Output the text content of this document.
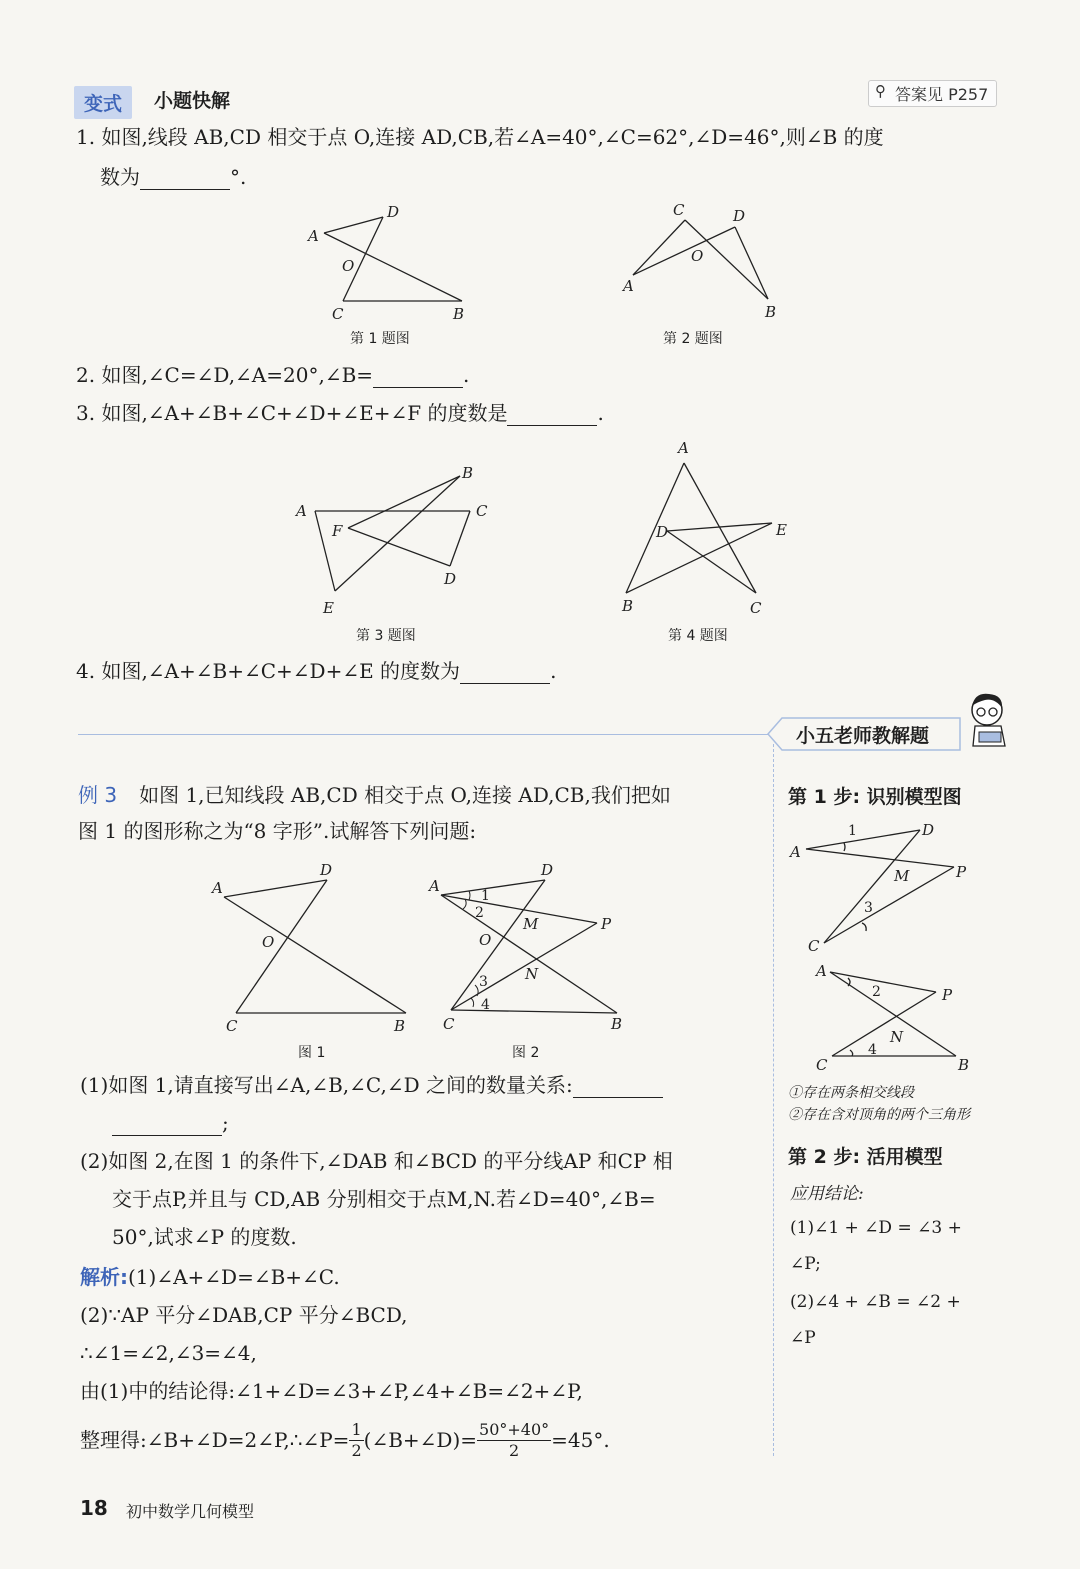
变式	小题快解	⚲ 答案见 P257
1. 如图,线段 AB,CD 相交于点 O,连接 AD,CB,若∠A=40°,∠C=62°,∠D=46°,则∠B 的度
数为	°.
A
D
O
C	B
第 1 题图
C	D
O
A
B
第 2 题图
2. 如图,∠C=∠D,∠A=20°,∠B=	.
3. 如图,∠A+∠B+∠C+∠D+∠E+∠F 的度数是	.
A
B
C
F
D
E
第 3 题图
A
D	E
B	C
第 4 题图
4. 如图,∠A+∠B+∠C+∠D+∠E 的度数为	.
小五老师教解题
例 3 如图 1,已知线段 AB,CD 相交于点 O,连接 AD,CB,我们把如
图 1 的图形称之为“8 字形”.试解答下列问题:
A
D
O
C	B
图 1
A
D
M	P
O
N
C	B
1
2
3
4
图 2
(1)如图 1,请直接写出∠A,∠B,∠C,∠D 之间的数量关系:
;
(2)如图 2,在图 1 的条件下,∠DAB 和∠BCD 的平分线AP 和CP 相
交于点P,并且与 CD,AB 分别相交于点M,N.若∠D=40°,∠B=
50°,试求∠P 的度数.
解析:(1)∠A+∠D=∠B+∠C.
(2)∵AP 平分∠DAB,CP 平分∠BCD,
∴∠1=∠2,∠3=∠4,
由(1)中的结论得:∠1+∠D=∠3+∠P,∠4+∠B=∠2+∠P,
整理得:∠B+∠D=2∠P,∴∠P= $\frac{1}{2}$ (∠B+∠D)= $\frac{50^\circ+40^\circ}{2} =45^\circ$.
第 1 步: 识别模型图
A
D
M	P
C
1
3
A
P
N
C	B
2
4
①存在两条相交线段
②存在含对顶角的两个三角形
第 2 步: 活用模型
应用结论:
(1)∠1 + ∠D = ∠3 +
∠P;
(2)∠4 + ∠B = ∠2 +
∠P
18 初中数学几何模型
